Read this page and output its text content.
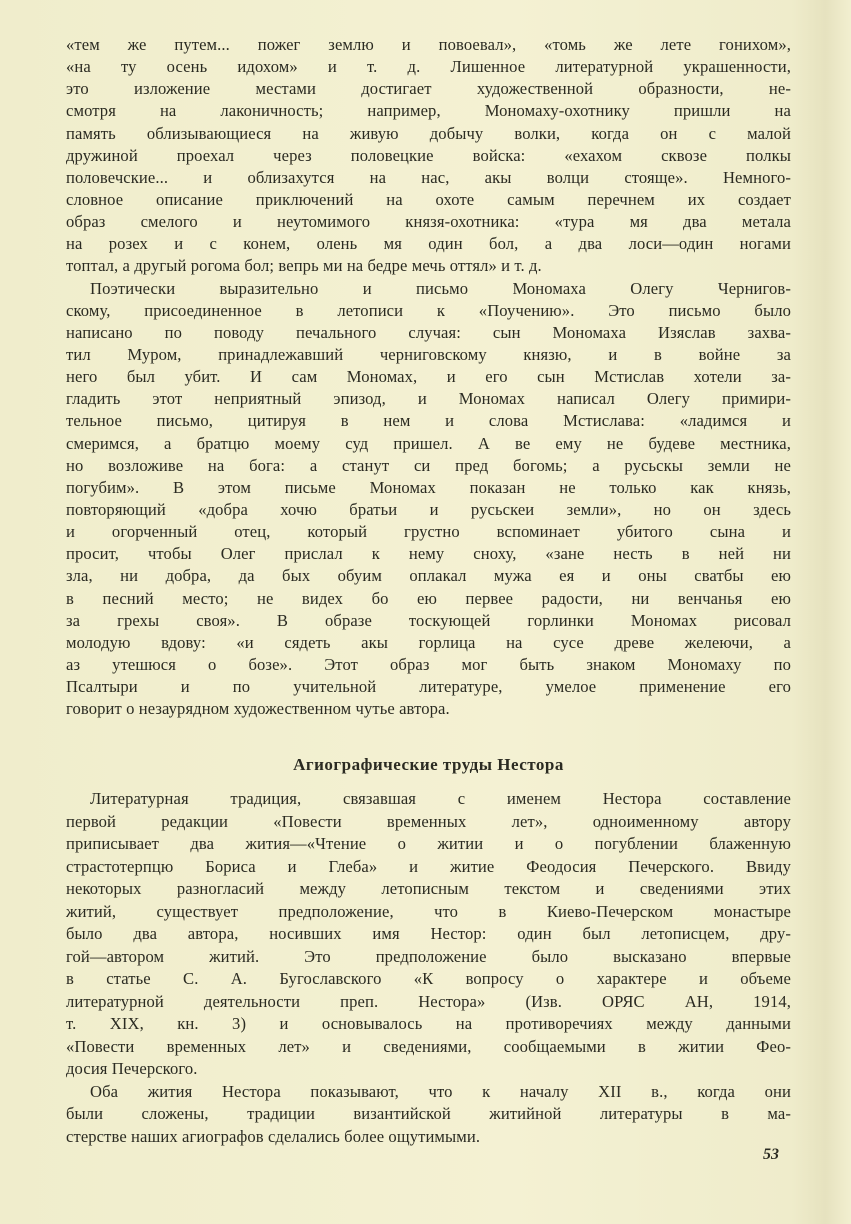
«тем же путем... пожег землю и повоевал», «томь же лете гонихом»,
«на ту осень идохом» и т. д. Лишенное литературной украшенности,
это изложение местами достигает художественной образности, не-
смотря на лаконичность; например, Мономаху-охотнику пришли на
память облизывающиеся на живую добычу волки, когда он с малой
дружиной проехал через половецкие войска: «ехахом сквозе полкы
половечские... и облизахутся на нас, акы волци стояще». Немного-
словное описание приключений на охоте самым перечнем их создает
образ смелого и неутомимого князя-охотника: «тура мя два метала
на розех и с конем, олень мя один бол, а два лоси—один ногами
топтал, а другый рогома бол; вепрь ми на бедре мечь оттял» и т. д.
Поэтически выразительно и письмо Мономаха Олегу Чернигов-
скому, присоединенное в летописи к «Поучению». Это письмо было
написано по поводу печального случая: сын Мономаха Изяслав захва-
тил Муром, принадлежавший черниговскому князю, и в войне за
него был убит. И сам Мономах, и его сын Мстислав хотели за-
гладить этот неприятный эпизод, и Мономах написал Олегу примири-
тельное письмо, цитируя в нем и слова Мстислава: «ладимся и
смеримся, а братцю моему суд пришел. А ве ему не будеве местника,
но возложиве на бога: а станут си пред богомь; а русьскы земли не
погубим». В этом письме Мономах показан не только как князь,
повторяющий «добра хочю братьи и русьскеи земли», но он здесь
и огорченный отец, который грустно вспоминает убитого сына и
просит, чтобы Олег прислал к нему сноху, «зане несть в ней ни
зла, ни добра, да бых обуим оплакал мужа ея и оны сватбы ею
в песний место; не видех бо ею первее радости, ни венчанья ею
за грехы своя». В образе тоскующей горлинки Мономах рисовал
молодую вдову: «и сядеть акы горлица на сусе древе желеючи, а
аз утешюся о бозе». Этот образ мог быть знаком Мономаху по
Псалтыри и по учительной литературе, умелое применение его
говорит о незаурядном художественном чутье автора.
Агиографические труды Нестора
Литературная традиция, связавшая с именем Нестора составление
первой редакции «Повести временных лет», одноименному автору
приписывает два жития—«Чтение о житии и о погублении блаженную
страстотерпцю Бориса и Глеба» и житие Феодосия Печерского. Ввиду
некоторых разногласий между летописным текстом и сведениями этих
житий, существует предположение, что в Киево-Печерском монастыре
было два автора, носивших имя Нестор: один был летописцем, дру-
гой—автором житий. Это предположение было высказано впервые
в статье С. А. Бугославского «К вопросу о характере и объеме
литературной деятельности преп. Нестора» (Изв. ОРЯС АН, 1914,
т. XIX, кн. 3) и основывалось на противоречиях между данными
«Повести временных лет» и сведениями, сообщаемыми в житии Фео-
досия Печерского.
Оба жития Нестора показывают, что к началу XII в., когда они
были сложены, традиции византийской житийной литературы в ма-
стерстве наших агиографов сделались более ощутимыми.
53
